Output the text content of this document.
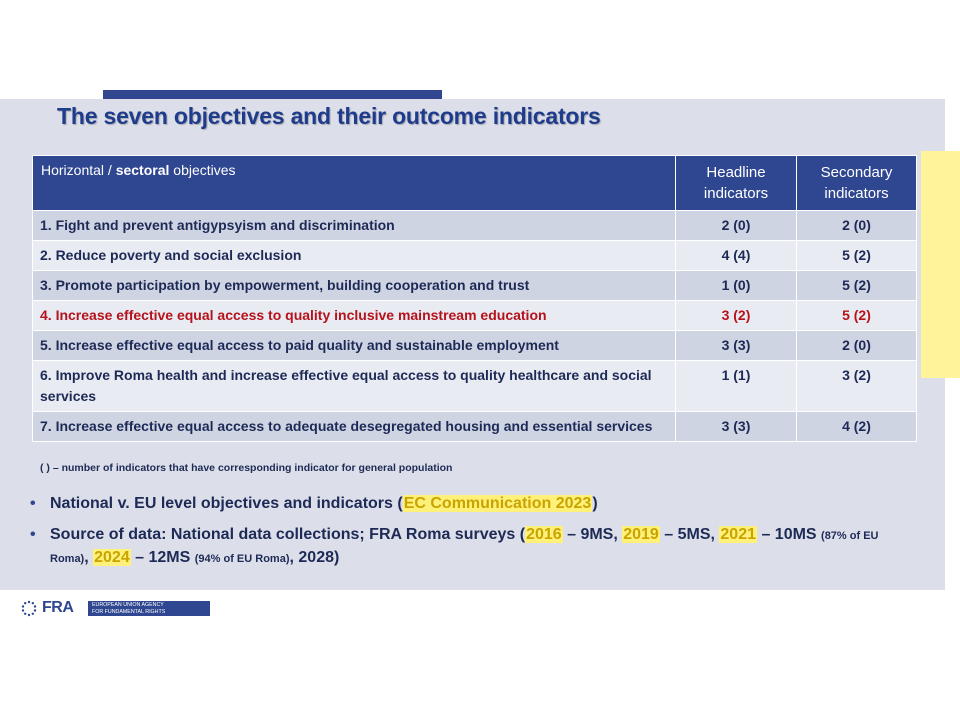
The seven objectives and their outcome indicators
Horizontal / sectoral objectives	Headline indicators	Secondary indicators
1. Fight and prevent antigypsyism and discrimination	2 (0)	2 (0)
2. Reduce poverty and social exclusion	4 (4)	5 (2)
3. Promote participation by empowerment, building cooperation and trust	1 (0)	5 (2)
4. Increase effective equal access to quality inclusive mainstream education	3 (2)	5 (2)
5. Increase effective equal access to paid quality and sustainable employment	3 (3)	2 (0)
6. Improve Roma health and increase effective equal access to quality healthcare and social services	1 (1)	3 (2)
7. Increase effective equal access to adequate desegregated housing and essential services	3 (3)	4 (2)
( ) – number of indicators that have corresponding indicator for general population
• National v. EU level objectives and indicators (EC Communication 2023)
• Source of data: National data collections; FRA Roma surveys (2016 – 9MS, 2019 – 5MS, 2021 – 10MS (87% of EU Roma), 2024 – 12MS (94% of EU Roma), 2028)
FRA	EUROPEAN UNION AGENCY
FOR FUNDAMENTAL RIGHTS
